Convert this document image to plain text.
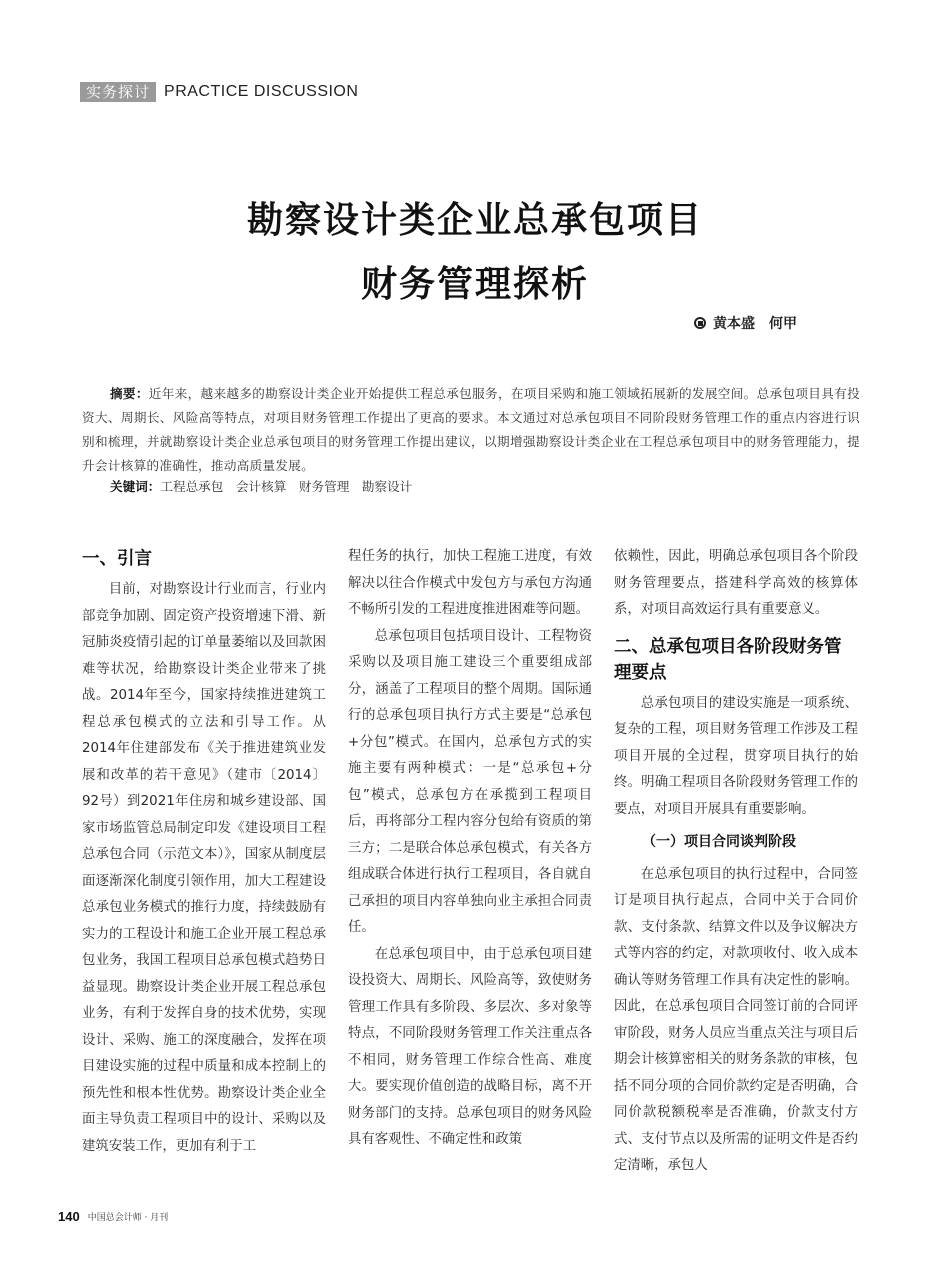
实务探讨 PRACTICE DISCUSSION
勘察设计类企业总承包项目
财务管理探析
黄本盛　何甲
摘要：近年来，越来越多的勘察设计类企业开始提供工程总承包服务，在项目采购和施工领域拓展新的发展空间。总承包项目具有投资大、周期长、风险高等特点，对项目财务管理工作提出了更高的要求。本文通过对总承包项目不同阶段财务管理工作的重点内容进行识别和梳理，并就勘察设计类企业总承包项目的财务管理工作提出建议，以期增强勘察设计类企业在工程总承包项目中的财务管理能力，提升会计核算的准确性，推动高质量发展。
关键词：工程总承包　会计核算　财务管理　勘察设计
一、引言

目前，对勘察设计行业而言，行业内部竞争加剧、固定资产投资增速下滑、新冠肺炎疫情引起的订单量萎缩以及回款困难等状况，给勘察设计类企业带来了挑战。2014年至今，国家持续推进建筑工程总承包模式的立法和引导工作。从2014年住建部发布《关于推进建筑业发展和改革的若干意见》（建市〔2014〕92号）到2021年住房和城乡建设部、国家市场监管总局制定印发《建设项目工程总承包合同（示范文本）》，国家从制度层面逐渐深化制度引领作用，加大工程建设总承包业务模式的推行力度，持续鼓励有实力的工程设计和施工企业开展工程总承包业务，我国工程项目总承包模式趋势日益显现。勘察设计类企业开展工程总承包业务，有利于发挥自身的技术优势，实现设计、采购、施工的深度融合，发挥在项目建设实施的过程中质量和成本控制上的预先性和根本性优势。勘察设计类企业全面主导负责工程项目中的设计、采购以及建筑安装工作，更加有利于工

程任务的执行，加快工程施工进度，有效解决以往合作模式中发包方与承包方沟通不畅所引发的工程进度推进困难等问题。

总承包项目包括项目设计、工程物资采购以及项目施工建设三个重要组成部分，涵盖了工程项目的整个周期。国际通行的总承包项目执行方式主要是“总承包+分包”模式。在国内，总承包方式的实施主要有两种模式：一是“总承包+分包”模式，总承包方在承揽到工程项目后，再将部分工程内容分包给有资质的第三方；二是联合体总承包模式，有关各方组成联合体进行执行工程项目，各自就自己承担的项目内容单独向业主承担合同责任。

在总承包项目中，由于总承包项目建设投资大、周期长、风险高等，致使财务管理工作具有多阶段、多层次、多对象等特点，不同阶段财务管理工作关注重点各不相同，财务管理工作综合性高、难度大。要实现价值创造的战略目标，离不开财务部门的支持。总承包项目的财务风险具有客观性、不确定性和政策

依赖性，因此，明确总承包项目各个阶段财务管理要点，搭建科学高效的核算体系，对项目高效运行具有重要意义。

二、总承包项目各阶段财务管理要点

总承包项目的建设实施是一项系统、复杂的工程，项目财务管理工作涉及工程项目开展的全过程，贯穿项目执行的始终。明确工程项目各阶段财务管理工作的要点，对项目开展具有重要影响。

（一）项目合同谈判阶段

在总承包项目的执行过程中，合同签订是项目执行起点，合同中关于合同价款、支付条款、结算文件以及争议解决方式等内容的约定，对款项收付、收入成本确认等财务管理工作具有决定性的影响。因此，在总承包项目合同签订前的合同评审阶段，财务人员应当重点关注与项目后期会计核算密相关的财务条款的审核，包括不同分项的合同价款约定是否明确，合同价款税额税率是否准确，价款支付方式、支付节点以及所需的证明文件是否约定清晰，承包人

140 中国总会计师 · 月刊
